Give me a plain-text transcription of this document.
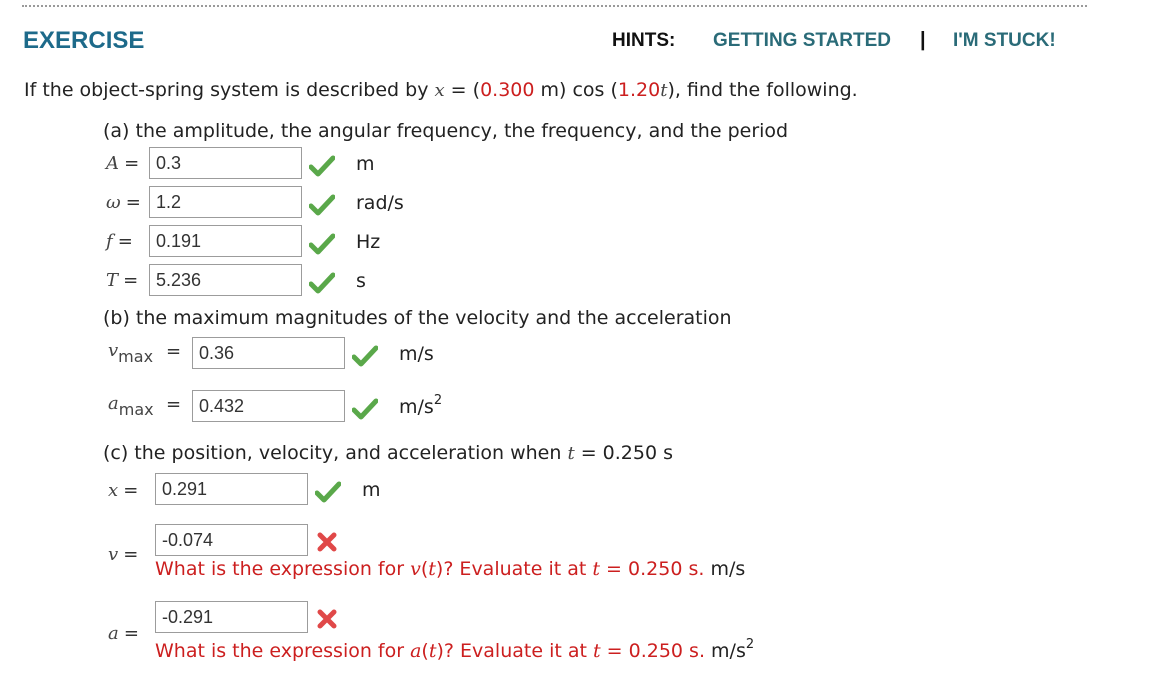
EXERCISE	HINTS: GETTING STARTED | I'M STUCK!
If the object-spring system is described by x = (0.300 m) cos (1.20t), find the following.
(a) the amplitude, the angular frequency, the frequency, and the period
A =
0.3	m
ω =
1.2	rad/s
f =
0.191	Hz
T =
5.236	s
(b) the maximum magnitudes of the velocity and the acceleration
vmax =
0.36	m/s
amax =
0.432	$m/s^2$
(c) the position, velocity, and acceleration when t = 0.250 s
x =
0.291	m
v =
-0.074
What is the expression for v(t)? Evaluate it at t = 0.250 s. m/s
a =
-0.291
What is the expression for a(t)? Evaluate it at t = 0.250 s. $m/s^2$
